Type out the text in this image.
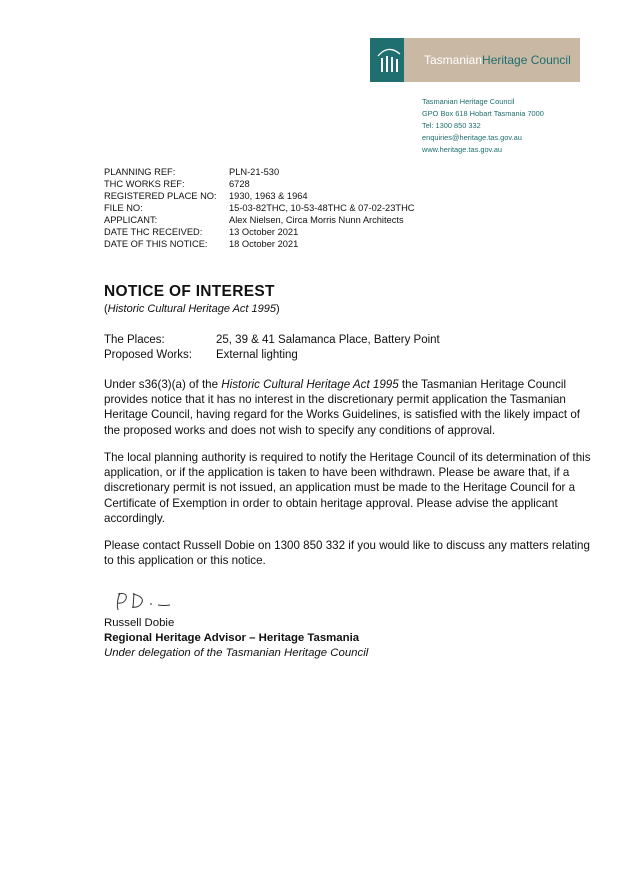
Tasmanian Heritage Council
Tasmanian Heritage Council
GPO Box 618 Hobart Tasmania 7000
Tel: 1300 850 332
enquiries@heritage.tas.gov.au
www.heritage.tas.gov.au
PLANNING REF:	PLN-21-530
THC WORKS REF:	6728
REGISTERED PLACE NO:	1930, 1963 & 1964
FILE NO:	15-03-82THC, 10-53-48THC & 07-02-23THC
APPLICANT:	Alex Nielsen, Circa Morris Nunn Architects
DATE THC RECEIVED:	13 October 2021
DATE OF THIS NOTICE:	18 October 2021
NOTICE OF INTEREST
(Historic Cultural Heritage Act 1995)
The Places:	25, 39 & 41 Salamanca Place, Battery Point
Proposed Works:	External lighting
Under s36(3)(a) of the Historic Cultural Heritage Act 1995 the Tasmanian Heritage Council provides notice that it has no interest in the discretionary permit application the Tasmanian Heritage Council, having regard for the Works Guidelines, is satisfied with the likely impact of the proposed works and does not wish to specify any conditions of approval.
The local planning authority is required to notify the Heritage Council of its determination of this application, or if the application is taken to have been withdrawn. Please be aware that, if a discretionary permit is not issued, an application must be made to the Heritage Council for a Certificate of Exemption in order to obtain heritage approval. Please advise the applicant accordingly.
Please contact Russell Dobie on 1300 850 332 if you would like to discuss any matters relating to this application or this notice.
Russell Dobie
Regional Heritage Advisor – Heritage Tasmania
Under delegation of the Tasmanian Heritage Council
